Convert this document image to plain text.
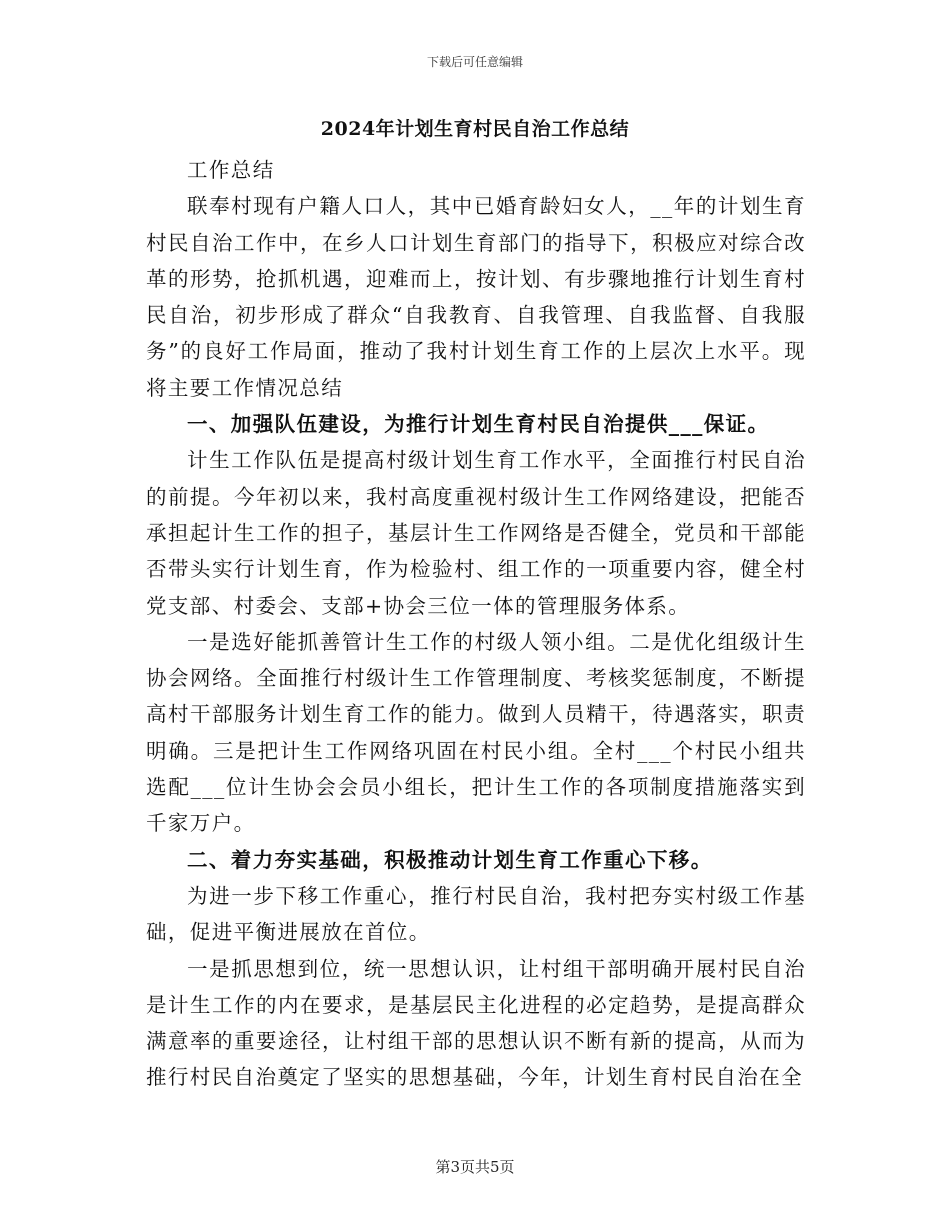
下载后可任意编辑
2024年计划生育村民自治工作总结

工作总结

联奉村现有户籍人口人，其中已婚育龄妇女人，__年的计划生育村民自治工作中，在乡人口计划生育部门的指导下，积极应对综合改革的形势，抢抓机遇，迎难而上，按计划、有步骤地推行计划生育村民自治，初步形成了群众“自我教育、自我管理、自我监督、自我服务”的良好工作局面，推动了我村计划生育工作的上层次上水平。现将主要工作情况总结

一、加强队伍建设，为推行计划生育村民自治提供___保证。

计生工作队伍是提高村级计划生育工作水平，全面推行村民自治的前提。今年初以来，我村高度重视村级计生工作网络建设，把能否承担起计生工作的担子，基层计生工作网络是否健全，党员和干部能否带头实行计划生育，作为检验村、组工作的一项重要内容，健全村党支部、村委会、支部+协会三位一体的管理服务体系。

一是选好能抓善管计生工作的村级人领小组。二是优化组级计生协会网络。全面推行村级计生工作管理制度、考核奖惩制度，不断提高村干部服务计划生育工作的能力。做到人员精干，待遇落实，职责明确。三是把计生工作网络巩固在村民小组。全村___个村民小组共选配___位计生协会会员小组长，把计生工作的各项制度措施落实到千家万户。

二、着力夯实基础，积极推动计划生育工作重心下移。

为进一步下移工作重心，推行村民自治，我村把夯实村级工作基础，促进平衡进展放在首位。

一是抓思想到位，统一思想认识，让村组干部明确开展村民自治是计生工作的内在要求，是基层民主化进程的必定趋势，是提高群众满意率的重要途径，让村组干部的思想认识不断有新的提高，从而为推行村民自治奠定了坚实的思想基础，今年，计划生育村民自治在全

第3页共5页
